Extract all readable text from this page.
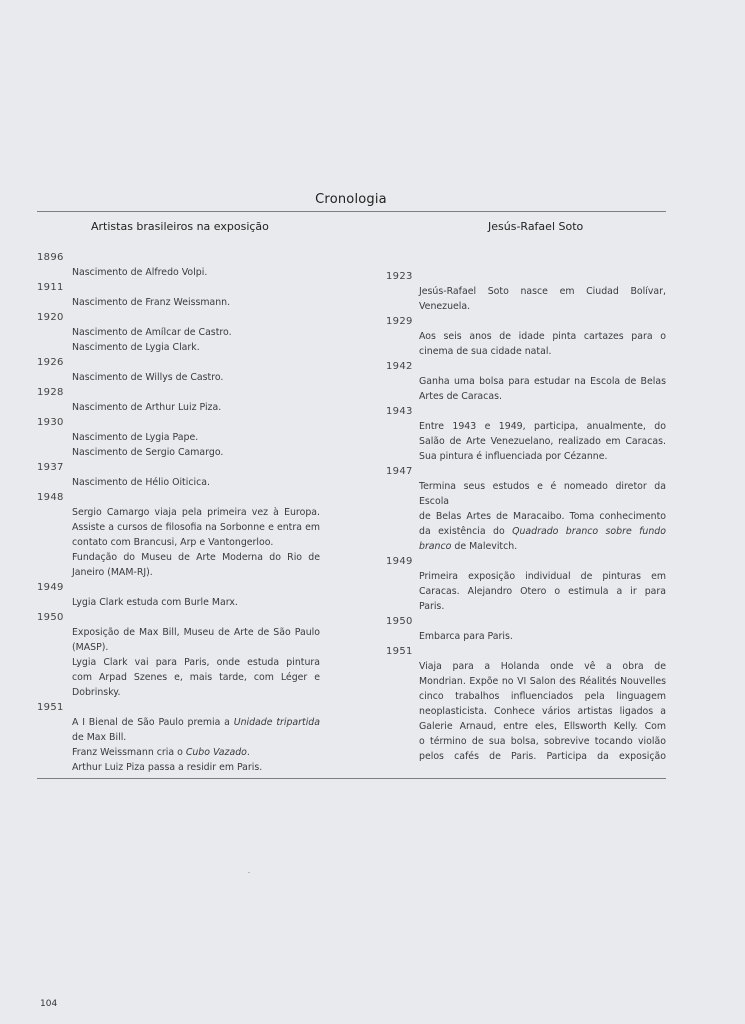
Cronologia
Artistas brasileiros na exposição	Jesús-Rafael Soto
1896
Nascimento de Alfredo Volpi.
1911
Nascimento de Franz Weissmann.
1920
Nascimento de Amílcar de Castro.
Nascimento de Lygia Clark.
1926
Nascimento de Willys de Castro.
1928
Nascimento de Arthur Luiz Piza.
1930
Nascimento de Lygia Pape.
Nascimento de Sergio Camargo.
1937
Nascimento de Hélio Oiticica.
1948
Sergio Camargo viaja pela primeira vez à Europa.
Assiste a cursos de filosofia na Sorbonne e entra em
contato com Brancusi, Arp e Vantongerloo.
Fundação do Museu de Arte Moderna do Rio de
Janeiro (MAM-RJ).
1949
Lygia Clark estuda com Burle Marx.
1950
Exposição de Max Bill, Museu de Arte de São Paulo
(MASP).
Lygia Clark vai para Paris, onde estuda pintura
com Arpad Szenes e, mais tarde, com Léger e
Dobrinsky.
1951
A I Bienal de São Paulo premia a Unidade tripartida
de Max Bill.
Franz Weissmann cria o Cubo Vazado.
Arthur Luiz Piza passa a residir em Paris.
1923
Jesús-Rafael Soto nasce em Ciudad Bolívar,
Venezuela.
1929
Aos seis anos de idade pinta cartazes para o
cinema de sua cidade natal.
1942
Ganha uma bolsa para estudar na Escola de Belas
Artes de Caracas.
1943
Entre 1943 e 1949, participa, anualmente, do
Salão de Arte Venezuelano, realizado em Caracas.
Sua pintura é influenciada por Cézanne.
1947
Termina seus estudos e é nomeado diretor da Escola
de Belas Artes de Maracaibo. Toma conhecimento
da existência do Quadrado branco sobre fundo
branco de Malevitch.
1949
Primeira exposição individual de pinturas em
Caracas. Alejandro Otero o estimula a ir para
Paris.
1950
Embarca para Paris.
1951
Viaja para a Holanda onde vê a obra de
Mondrian. Expõe no VI Salon des Réalités Nouvelles
cinco trabalhos influenciados pela linguagem
neoplasticista. Conhece vários artistas ligados a
Galerie Arnaud, entre eles, Ellsworth Kelly. Com
o término de sua bolsa, sobrevive tocando violão
pelos cafés de Paris. Participa da exposição
104
